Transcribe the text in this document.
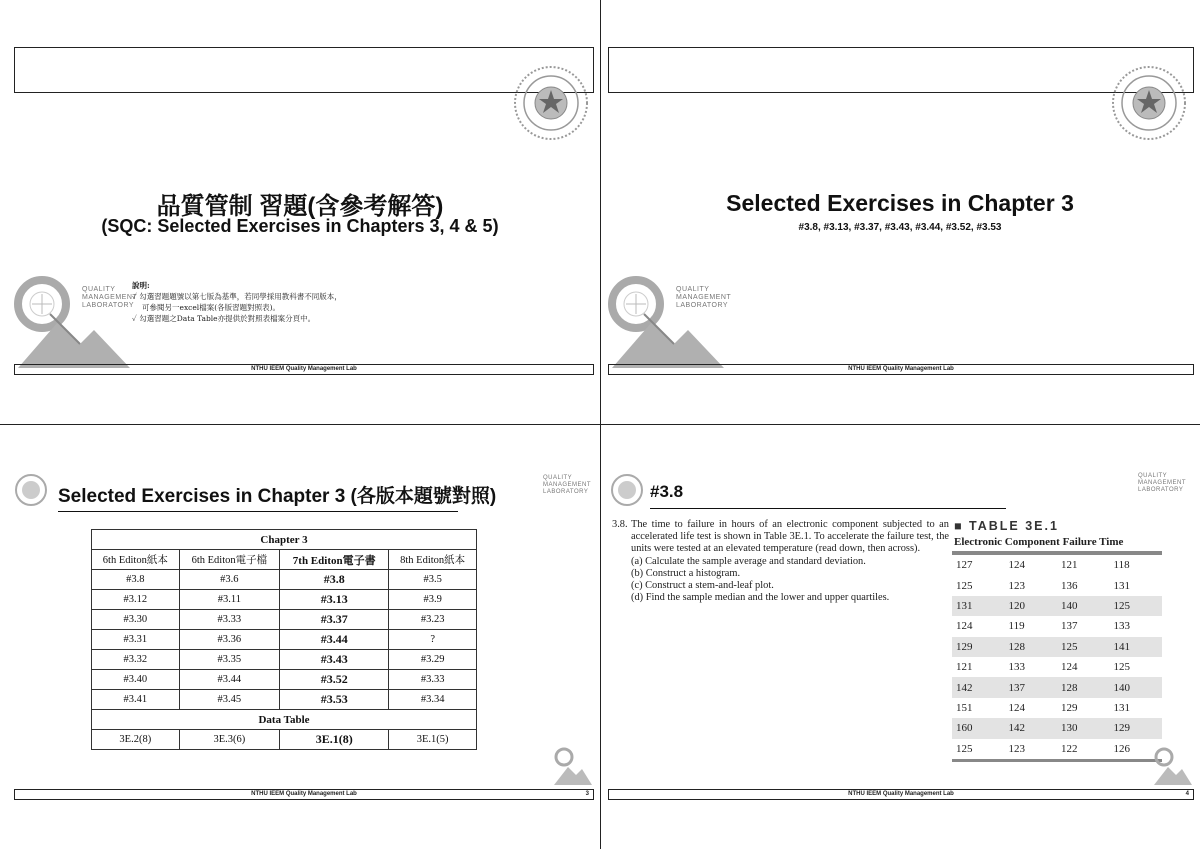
品質管制 習題(含參考解答)
(SQC: Selected Exercises in Chapters 3, 4 & 5)
QUALITY
MANAGEMENT
LABORATORY
說明:
✓ 勾選習題題號以第七版為基準，若同學採用教科書不同版本，
可參閱另一excel檔案(各版習題對照表)。
✓ 勾選習題之Data Table亦提供於對照表檔案分頁中。
NTHU IEEM Quality Management Lab
Selected Exercises in Chapter 3
#3.8, #3.13, #3.37, #3.43, #3.44, #3.52, #3.53
QUALITY
MANAGEMENT
LABORATORY
NTHU IEEM Quality Management Lab
Selected Exercises in Chapter 3 (各版本題號對照)
QUALITY
MANAGEMENT
LABORATORY
Chapter 3			
6th Editon紙本	6th Editon電子檔	7th Editon電子書	8th Editon紙本
#3.8	#3.6	#3.8	#3.5
#3.12	#3.11	#3.13	#3.9
#3.30	#3.33	#3.37	#3.23
#3.31	#3.36	#3.44	?
#3.32	#3.35	#3.43	#3.29
#3.40	#3.44	#3.52	#3.33
#3.41	#3.45	#3.53	#3.34
Data Table			
3E.2(8)	3E.3(6)	3E.1(8)	3E.1(5)
NTHU IEEM Quality Management Lab	3
#3.8
QUALITY
MANAGEMENT
LABORATORY
3.8. The time to failure in hours of an electronic component subjected to an accelerated life test is shown in Table 3E.1. To accelerate the failure test, the units were tested at an elevated temperature (read down, then across).
(a) Calculate the sample average and standard deviation.
(b) Construct a histogram.
(c) Construct a stem-and-leaf plot.
(d) Find the sample median and the lower and upper quartiles.
■ TABLE 3E.1
Electronic Component Failure Time
127	124	121	118
125	123	136	131
131	120	140	125
124	119	137	133
129	128	125	141
121	133	124	125
142	137	128	140
151	124	129	131
160	142	130	129
125	123	122	126
NTHU IEEM Quality Management Lab	4
